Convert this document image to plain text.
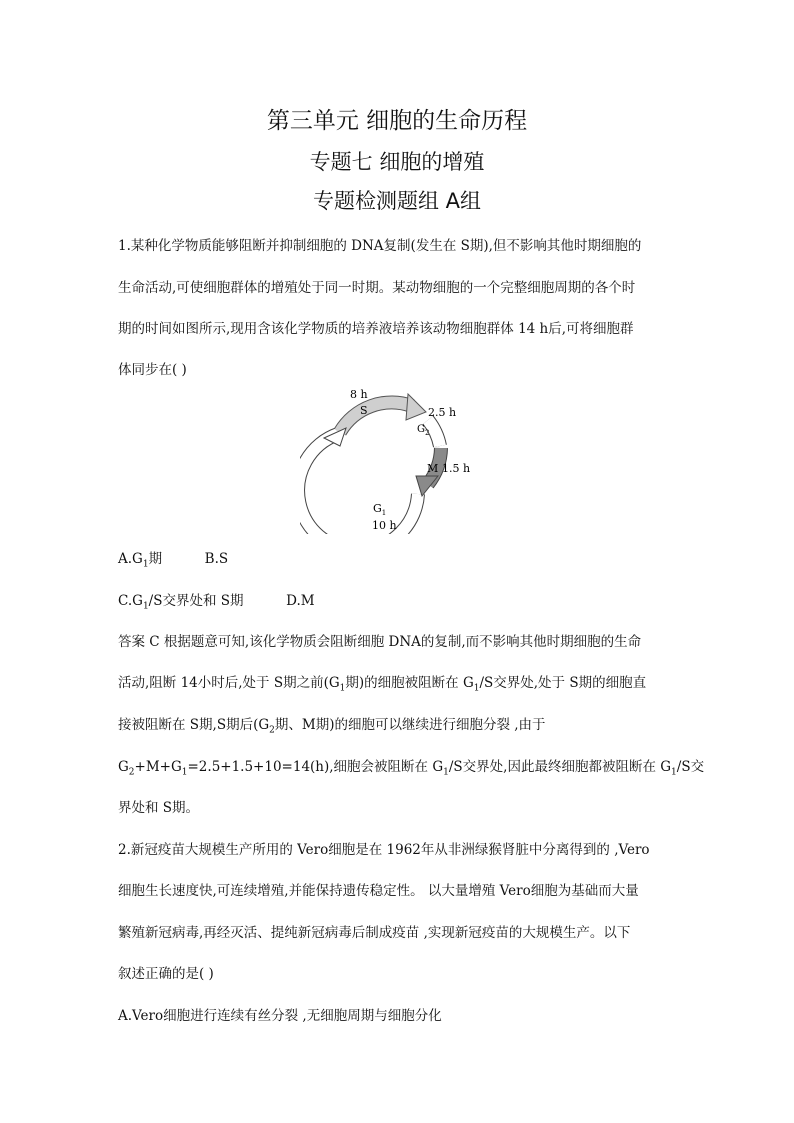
第三单元 细胞的生命历程
专题七 细胞的增殖
专题检测题组 A组
1.某种化学物质能够阻断并抑制细胞的 DNA复制(发生在 S期),但不影响其他时期细胞的
生命活动,可使细胞群体的增殖处于同一时期。某动物细胞的一个完整细胞周期的各个时
期的时间如图所示,现用含该化学物质的培养液培养该动物细胞群体 14 h后,可将细胞群
体同步在( )
8 h
S	2.5 h
$G_2$
M 1.5 h
$G_1$
10 h
$A.G_1$期	B.S
$C.G_1/S$交界处和 S期	D.M
答案 C 根据题意可知,该化学物质会阻断细胞 DNA的复制,而不影响其他时期细胞的生命
活动,阻断 14小时后,处于 S期之前($G_1$期)的细胞被阻断在 $G_1/S$交界处,处于 S期的细胞直
接被阻断在 S期,S期后($G_2$期、M期)的细胞可以继续进行细胞分裂 ,由于
$G_2+M+G_1=2.5+1.5+10=14(h)$,细胞会被阻断在 $G_1/S$交界处,因此最终细胞都被阻断在 $G_1/S$交
界处和 S期。
2.新冠疫苗大规模生产所用的 Vero细胞是在 1962年从非洲绿猴肾脏中分离得到的 ,Vero
细胞生长速度快,可连续增殖,并能保持遗传稳定性。 以大量增殖 Vero细胞为基础而大量
繁殖新冠病毒,再经灭活、提纯新冠病毒后制成疫苗 ,实现新冠疫苗的大规模生产。以下
叙述正确的是( )
A.Vero细胞进行连续有丝分裂 ,无细胞周期与细胞分化
